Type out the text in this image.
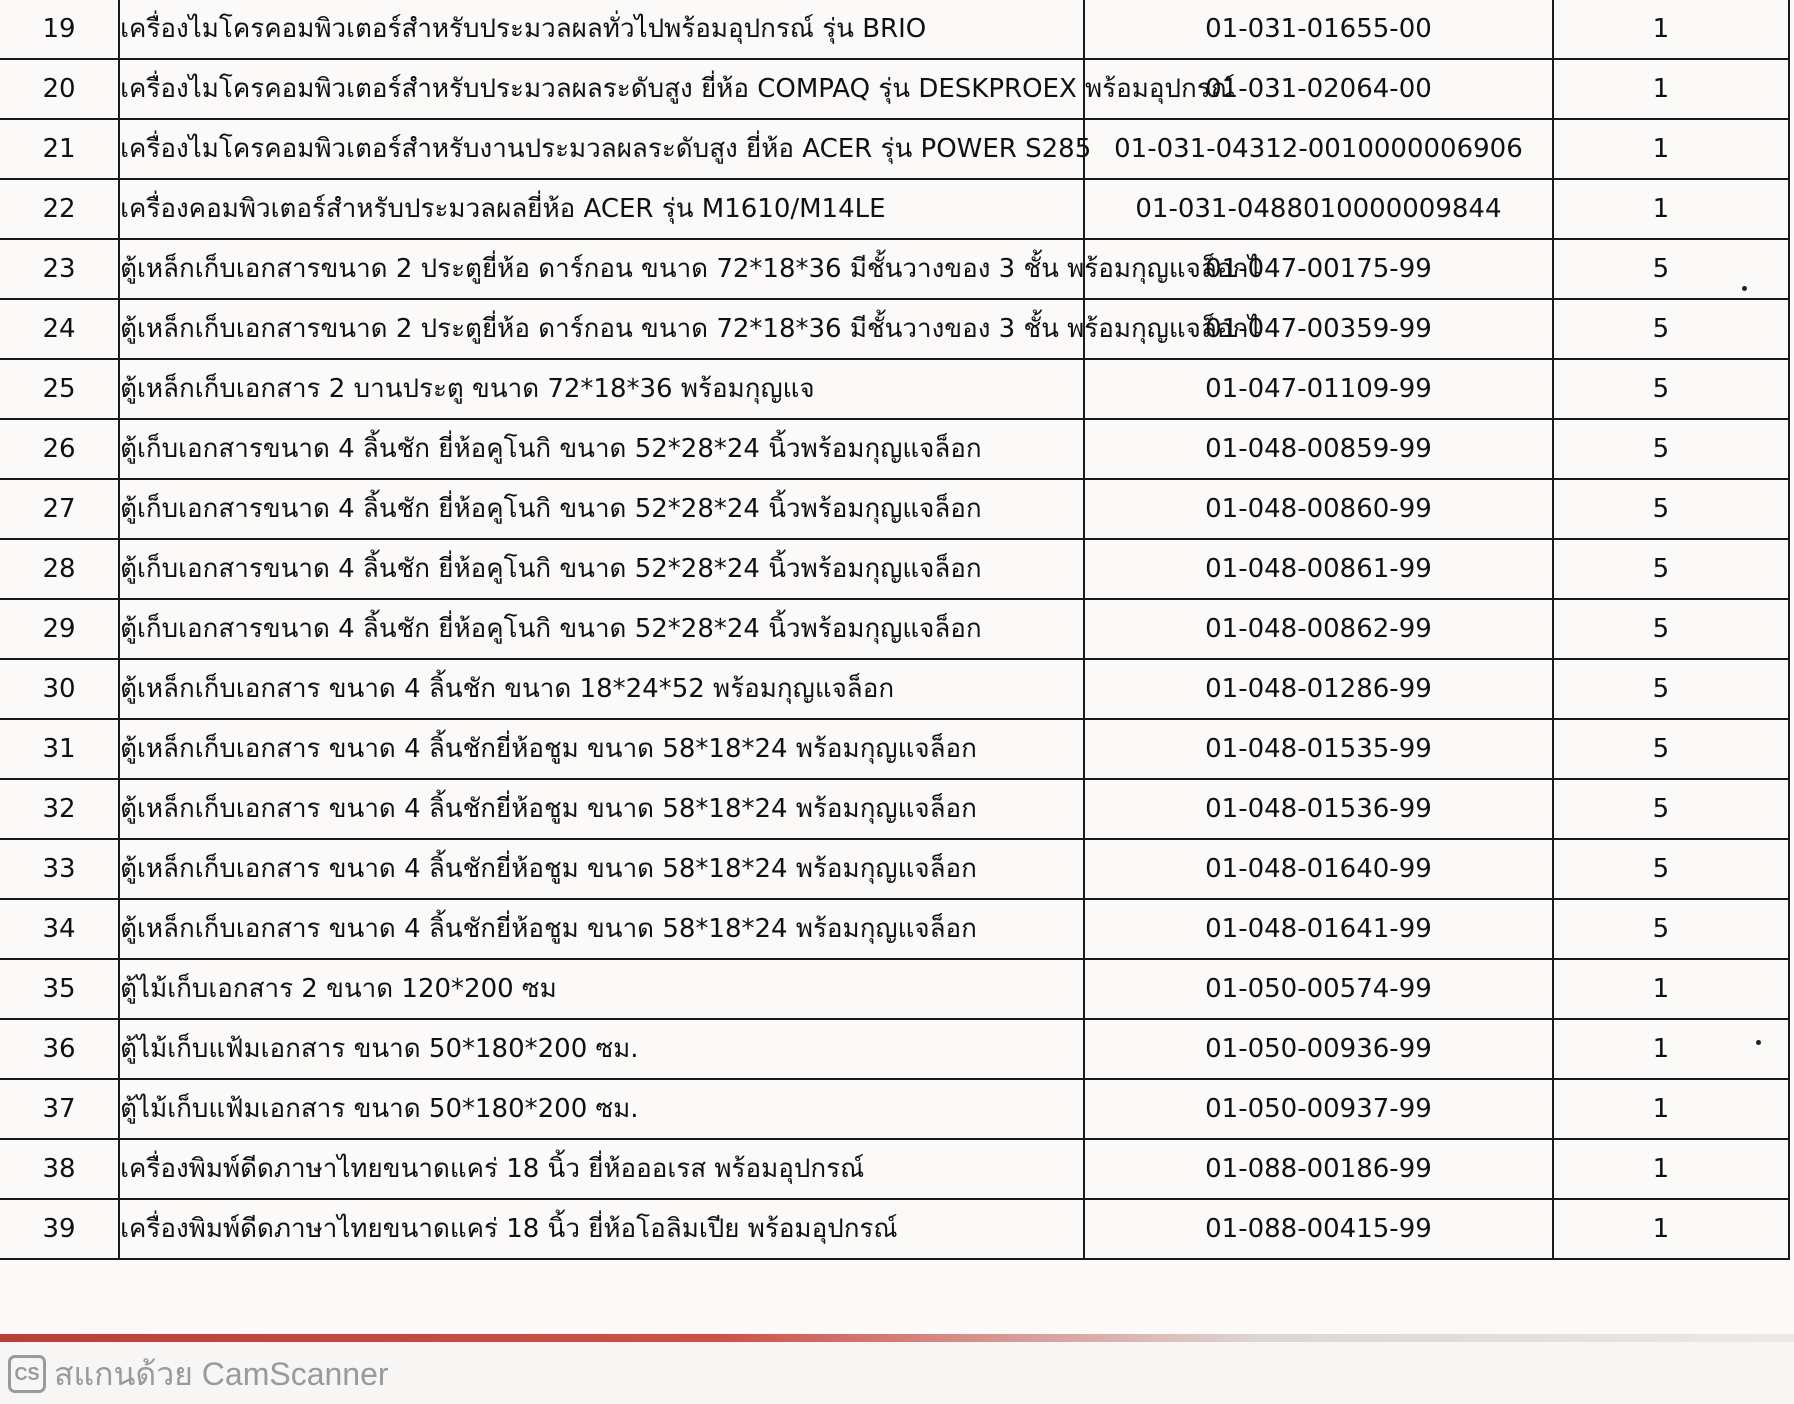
19	เครื่องไมโครคอมพิวเตอร์สำหรับประมวลผลทั่วไปพร้อมอุปกรณ์ รุ่น BRIO	01-031-01655-00	1
20	เครื่องไมโครคอมพิวเตอร์สำหรับประมวลผลระดับสูง ยี่ห้อ COMPAQ รุ่น DESKPROEX พร้อมอุปกรณ์	01-031-02064-00	1
21	เครื่องไมโครคอมพิวเตอร์สำหรับงานประมวลผลระดับสูง ยี่ห้อ ACER รุ่น POWER S285	01-031-04312-0010000006906	1
22	เครื่องคอมพิวเตอร์สำหรับประมวลผลยี่ห้อ ACER รุ่น M1610/M14LE	01-031-0488010000009844	1
23	ตู้เหล็กเก็บเอกสารขนาด 2 ประตูยี่ห้อ ดาร์กอน ขนาด 72*18*36 มีชั้นวางของ 3 ชั้น พร้อมกุญแจล็อกไ	01-047-00175-99	5
24	ตู้เหล็กเก็บเอกสารขนาด 2 ประตูยี่ห้อ ดาร์กอน ขนาด 72*18*36 มีชั้นวางของ 3 ชั้น พร้อมกุญแจล็อกไ	01-047-00359-99	5
25	ตู้เหล็กเก็บเอกสาร 2 บานประตู ขนาด 72*18*36 พร้อมกุญแจ	01-047-01109-99	5
26	ตู้เก็บเอกสารขนาด 4 ลิ้นชัก ยี่ห้อคูโนกิ ขนาด 52*28*24 นิ้วพร้อมกุญแจล็อก	01-048-00859-99	5
27	ตู้เก็บเอกสารขนาด 4 ลิ้นชัก ยี่ห้อคูโนกิ ขนาด 52*28*24 นิ้วพร้อมกุญแจล็อก	01-048-00860-99	5
28	ตู้เก็บเอกสารขนาด 4 ลิ้นชัก ยี่ห้อคูโนกิ ขนาด 52*28*24 นิ้วพร้อมกุญแจล็อก	01-048-00861-99	5
29	ตู้เก็บเอกสารขนาด 4 ลิ้นชัก ยี่ห้อคูโนกิ ขนาด 52*28*24 นิ้วพร้อมกุญแจล็อก	01-048-00862-99	5
30	ตู้เหล็กเก็บเอกสาร ขนาด 4 ลิ้นชัก ขนาด 18*24*52 พร้อมกุญแจล็อก	01-048-01286-99	5
31	ตู้เหล็กเก็บเอกสาร ขนาด 4 ลิ้นชักยี่ห้อชูม ขนาด 58*18*24 พร้อมกุญแจล็อก	01-048-01535-99	5
32	ตู้เหล็กเก็บเอกสาร ขนาด 4 ลิ้นชักยี่ห้อชูม ขนาด 58*18*24 พร้อมกุญแจล็อก	01-048-01536-99	5
33	ตู้เหล็กเก็บเอกสาร ขนาด 4 ลิ้นชักยี่ห้อชูม ขนาด 58*18*24 พร้อมกุญแจล็อก	01-048-01640-99	5
34	ตู้เหล็กเก็บเอกสาร ขนาด 4 ลิ้นชักยี่ห้อชูม ขนาด 58*18*24 พร้อมกุญแจล็อก	01-048-01641-99	5
35	ตู้ไม้เก็บเอกสาร 2 ขนาด 120*200 ซม	01-050-00574-99	1
36	ตู้ไม้เก็บแฟ้มเอกสาร ขนาด 50*180*200 ซม.	01-050-00936-99	1
37	ตู้ไม้เก็บแฟ้มเอกสาร ขนาด 50*180*200 ซม.	01-050-00937-99	1
38	เครื่องพิมพ์ดีดภาษาไทยขนาดแคร่ 18 นิ้ว ยี่ห้อออเรส พร้อมอุปกรณ์	01-088-00186-99	1
39	เครื่องพิมพ์ดีดภาษาไทยขนาดแคร่ 18 นิ้ว ยี่ห้อโอลิมเปีย พร้อมอุปกรณ์	01-088-00415-99	1
CS สแกนด้วย CamScanner
